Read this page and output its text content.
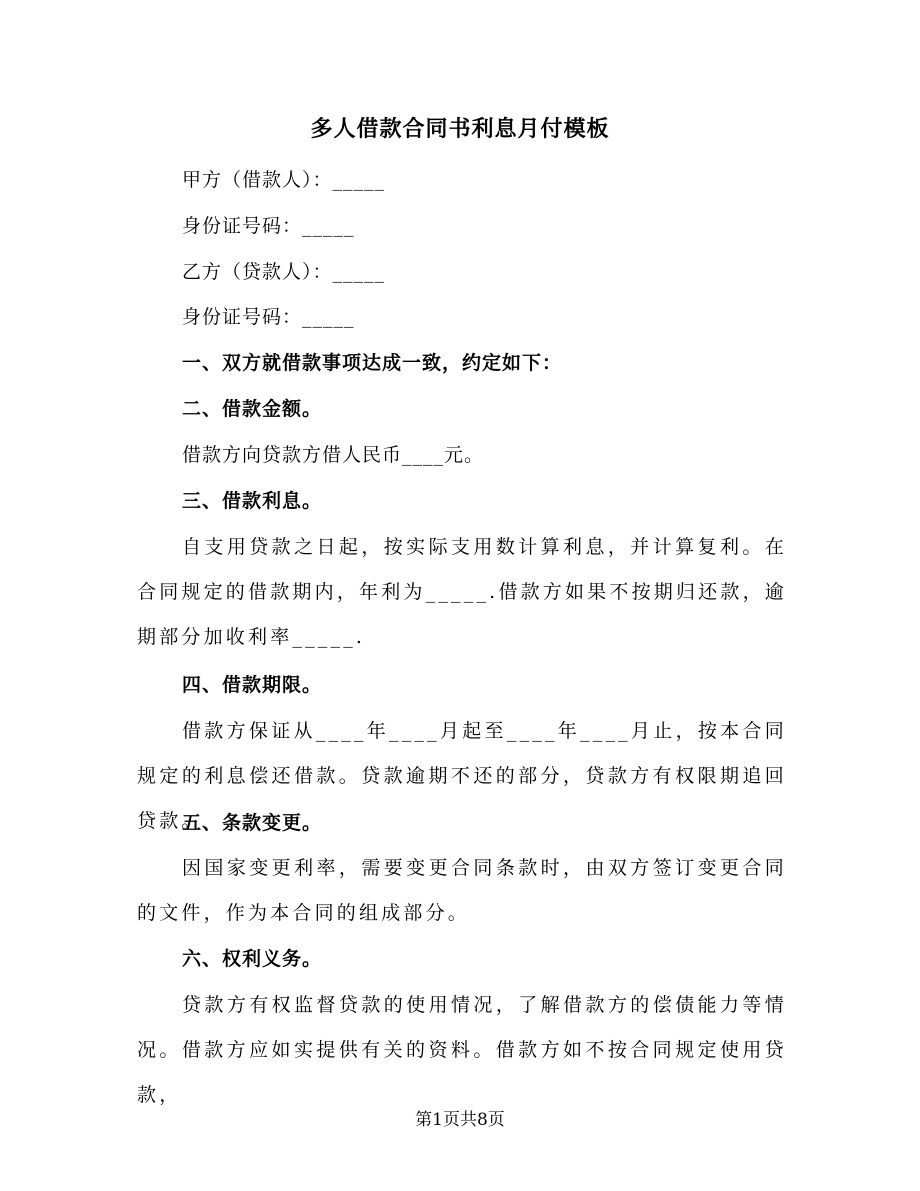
多人借款合同书利息月付模板
甲方（借款人）：_____
身份证号码：_____
乙方（贷款人）：_____
身份证号码：_____
一、双方就借款事项达成一致，约定如下：
二、借款金额。
借款方向贷款方借人民币____元。
三、借款利息。
自支用贷款之日起，按实际支用数计算利息，并计算复利。在合同规定的借款期内，年利为_____.借款方如果不按期归还款，逾期部分加收利率_____.
四、借款期限。
借款方保证从____年____月起至____年____月止，按本合同规定的利息偿还借款。贷款逾期不还的部分，贷款方有权限期追回贷款。
五、条款变更。
因国家变更利率，需要变更合同条款时，由双方签订变更合同的文件，作为本合同的组成部分。
六、权利义务。
贷款方有权监督贷款的使用情况，了解借款方的偿债能力等情况。借款方应如实提供有关的资料。借款方如不按合同规定使用贷款，
第1页共8页
